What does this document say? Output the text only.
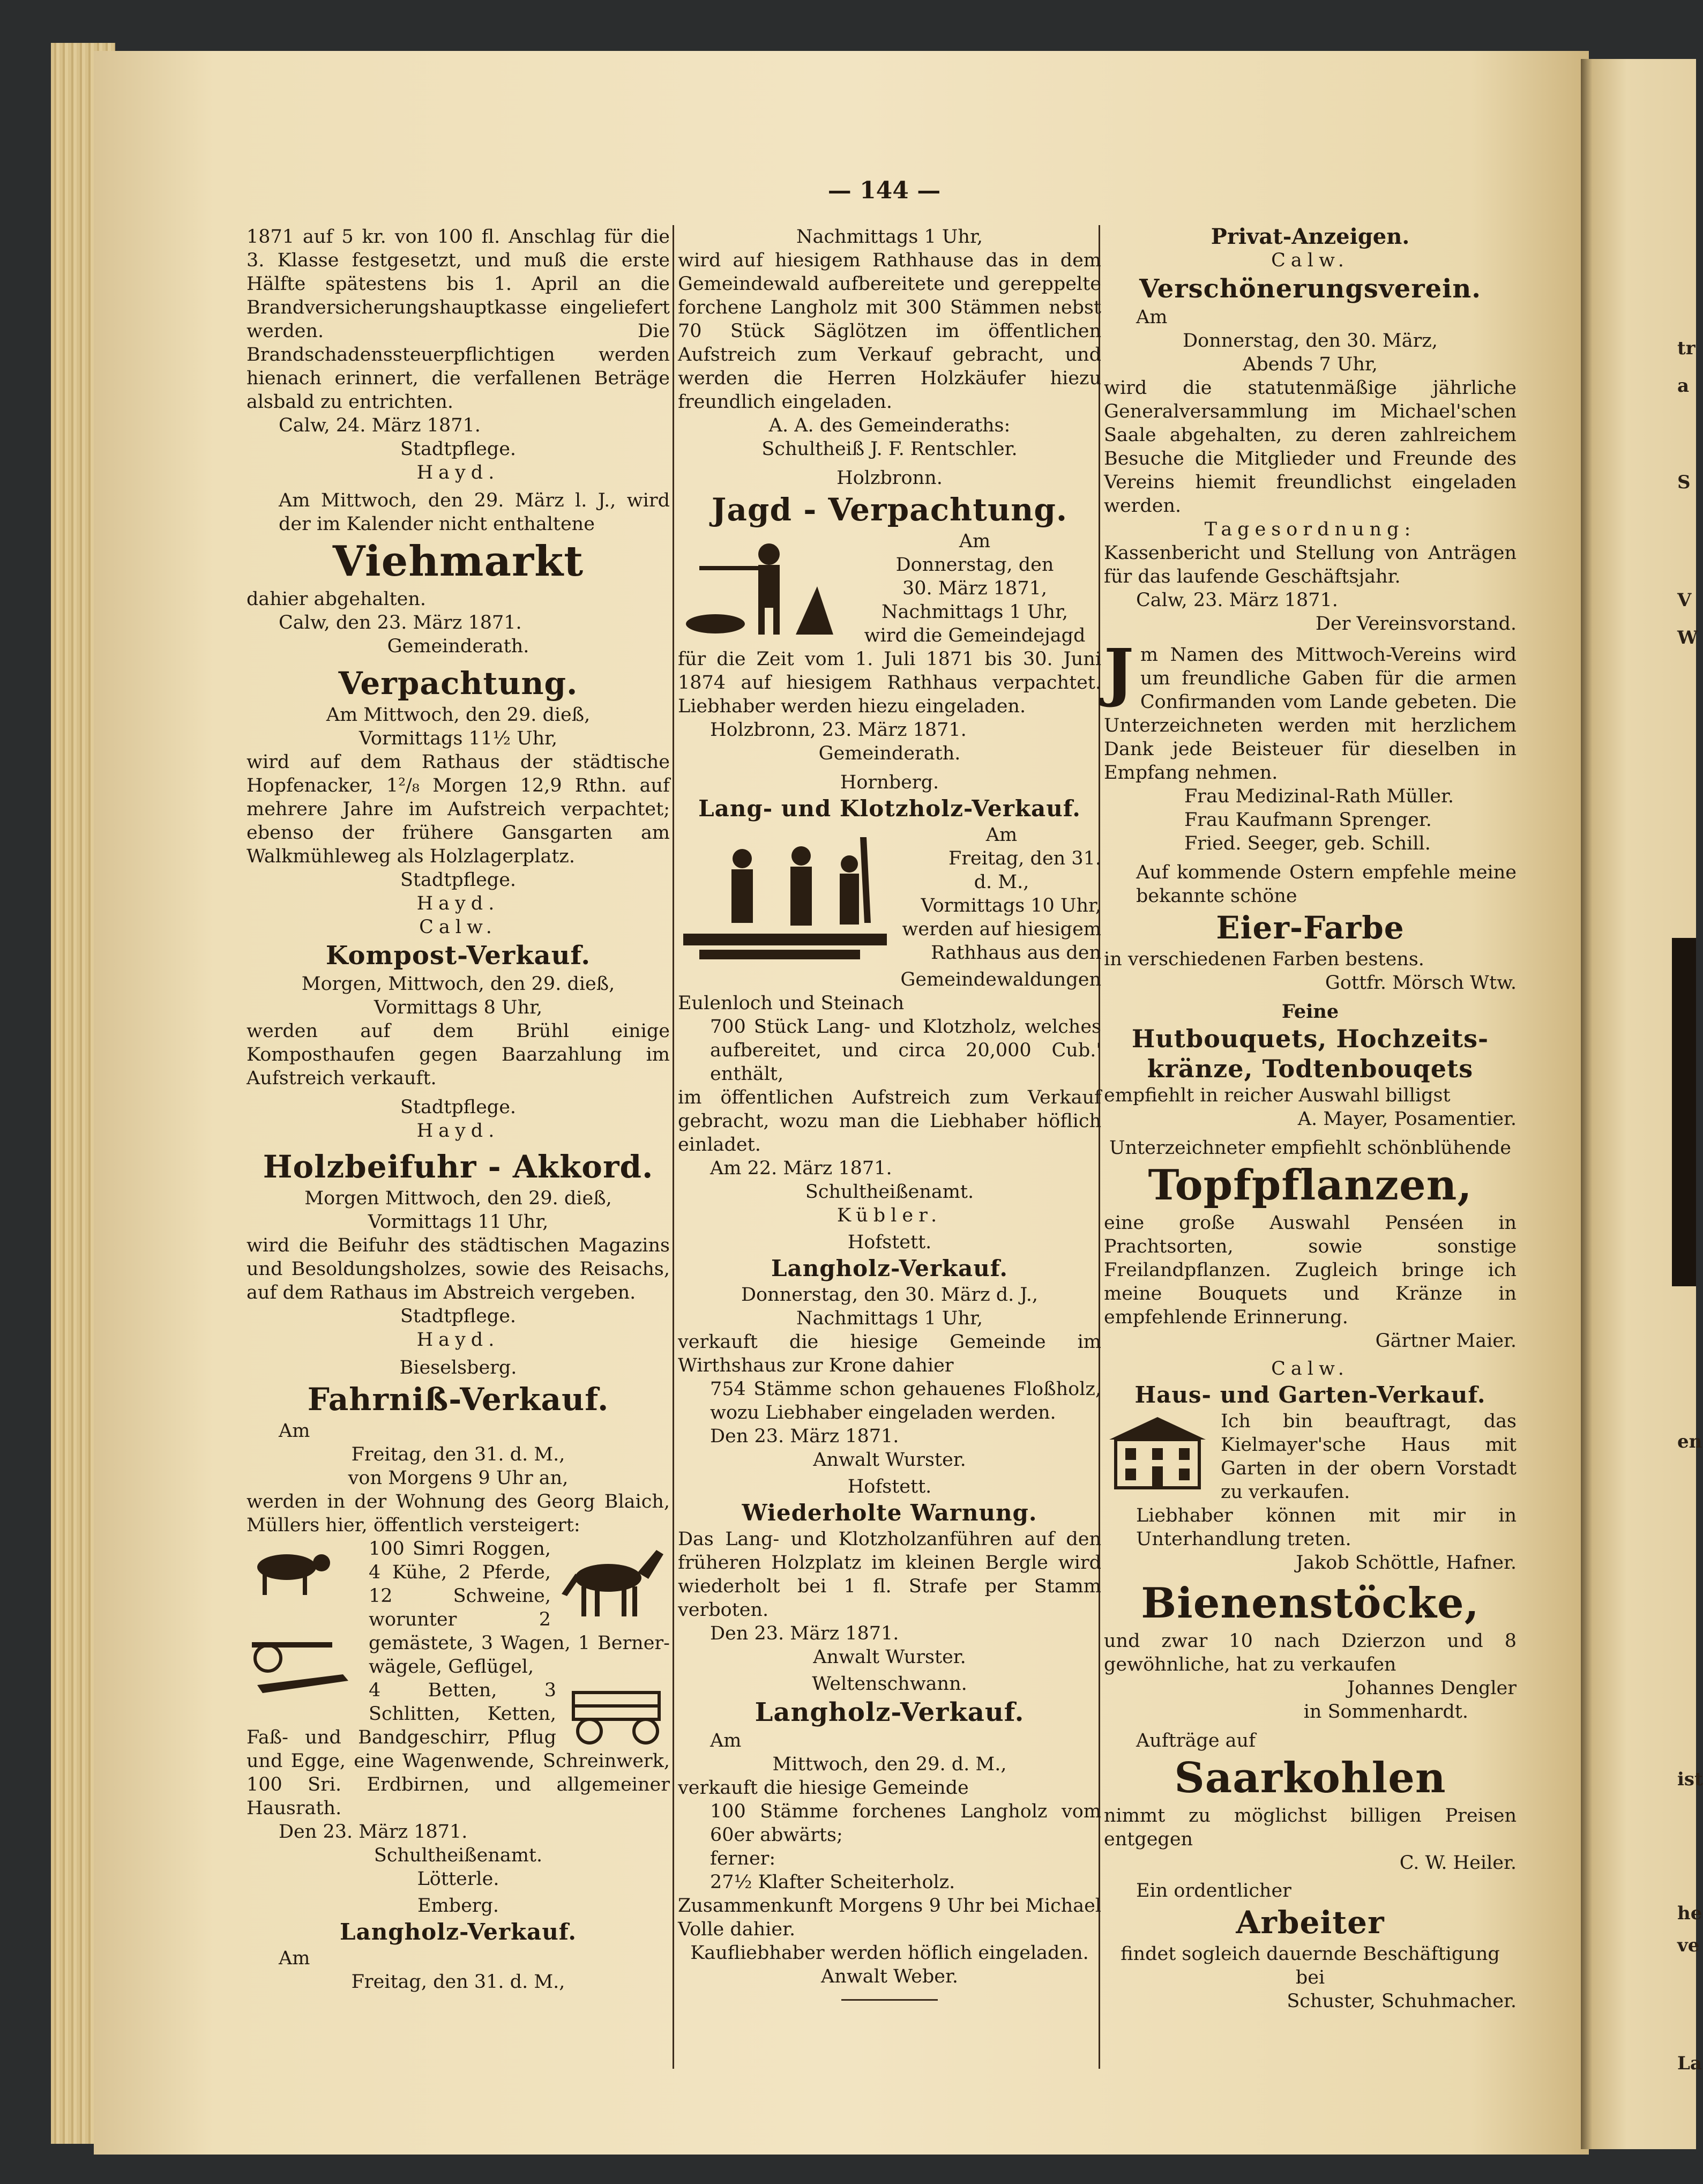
tr
a
S
V
W
en
ist
he
ve
La
— 144 —

1871 auf 5 kr. von 100 fl. Anschlag für die 3. Klasse festgesetzt, und muß die erste Hälfte spätestens bis 1. April an die Brandversicherungshauptkasse eingeliefert werden. Die Brandschadenssteuerpflichtigen werden hienach erinnert, die verfallenen Beträge alsbald zu entrichten.

Calw, 24. März 1871.

Stadtpflege.

Hayd.

Am Mittwoch, den 29. März l. J., wird der im Kalender nicht enthaltene

Viehmarkt

dahier abgehalten.

Calw, den 23. März 1871.

Gemeinderath.

Verpachtung.

Am Mittwoch, den 29. dieß,

Vormittags 11½ Uhr,

wird auf dem Rathaus der städtische Hopfenacker, 1²/₈ Morgen 12,9 Rthn. auf mehrere Jahre im Aufstreich verpachtet; ebenso der frühere Gansgarten am Walkmühleweg als Holzlagerplatz.

Stadtpflege.

Hayd.

Calw.

Kompost-Verkauf.

Morgen, Mittwoch, den 29. dieß,

Vormittags 8 Uhr,

werden auf dem Brühl einige Komposthaufen gegen Baarzahlung im Aufstreich verkauft.

Stadtpflege.

Hayd.

Holzbeifuhr - Akkord.

Morgen Mittwoch, den 29. dieß,

Vormittags 11 Uhr,

wird die Beifuhr des städtischen Magazins und Besoldungsholzes, sowie des Reisachs, auf dem Rathaus im Abstreich vergeben.

Stadtpflege.

Hayd.

Bieselsberg.

Fahrniß-Verkauf.

Am

Freitag, den 31. d. M.,

von Morgens 9 Uhr an,

werden in der Wohnung des Georg Blaich, Müllers hier, öffentlich versteigert:

100 Simri Roggen, 4 Kühe, 2 Pferde, 12 Schweine, worunter 2 gemästete, 3 Wagen, 1 Berner-wägele, Geflügel,

4 Betten, 3 Schlitten, Ketten, Faß- und Bandgeschirr, Pflug und Egge, eine Wagenwende, Schreinwerk, 100 Sri. Erdbirnen, und allgemeiner Hausrath.

Den 23. März 1871.

Schultheißenamt.

Lötterle.

Emberg.

Langholz-Verkauf.

Am

Freitag, den 31. d. M.,

Nachmittags 1 Uhr,

wird auf hiesigem Rathhause das in dem Gemeindewald aufbereitete und gereppelte forchene Langholz mit 300 Stämmen nebst 70 Stück Säglötzen im öffentlichen Aufstreich zum Verkauf gebracht, und werden die Herren Holzkäufer hiezu freundlich eingeladen.

A. A. des Gemeinderaths:

Schultheiß J. F. Rentschler.

Holzbronn.

Jagd - Verpachtung.

Am

Donnerstag, den

30. März 1871,

Nachmittags 1 Uhr,

wird die Gemeindejagd

für die Zeit vom 1. Juli 1871 bis 30. Juni 1874 auf hiesigem Rathhaus verpachtet. Liebhaber werden hiezu eingeladen.

Holzbronn, 23. März 1871.

Gemeinderath.

Hornberg.

Lang- und Klotzholz-Verkauf.

Am

Freitag, den 31.

d. M.,

Vormittags 10 Uhr,

werden auf hiesigem

Rathhaus aus den

Gemeindewaldungen

Eulenloch und Steinach

700 Stück Lang- und Klotzholz, welches aufbereitet, und circa 20,000 Cub.' enthält,

im öffentlichen Aufstreich zum Verkauf gebracht, wozu man die Liebhaber höflich einladet.

Am 22. März 1871.

Schultheißenamt.

Kübler.

Hofstett.

Langholz-Verkauf.

Donnerstag, den 30. März d. J.,

Nachmittags 1 Uhr,

verkauft die hiesige Gemeinde im Wirthshaus zur Krone dahier

754 Stämme schon gehauenes Floßholz, wozu Liebhaber eingeladen werden.

Den 23. März 1871.

Anwalt Wurster.

Hofstett.

Wiederholte Warnung.

Das Lang- und Klotzholzanführen auf den früheren Holzplatz im kleinen Bergle wird wiederholt bei 1 fl. Strafe per Stamm verboten.

Den 23. März 1871.

Anwalt Wurster.

Weltenschwann.

Langholz-Verkauf.

Am

Mittwoch, den 29. d. M.,

verkauft die hiesige Gemeinde

100 Stämme forchenes Langholz vom 60er abwärts;

ferner:

27½ Klafter Scheiterholz.

Zusammenkunft Morgens 9 Uhr bei Michael Volle dahier.

Kaufliebhaber werden höflich eingeladen.

Anwalt Weber.

Privat-Anzeigen.

Calw.

Verschönerungsverein.

Am

Donnerstag, den 30. März,

Abends 7 Uhr,

wird die statutenmäßige jährliche Generalversammlung im Michael'schen Saale abgehalten, zu deren zahlreichem Besuche die Mitglieder und Freunde des Vereins hiemit freundlichst eingeladen werden.

Tagesordnung:

Kassenbericht und Stellung von Anträgen für das laufende Geschäftsjahr.

Calw, 23. März 1871.

Der Vereinsvorstand.

J m Namen des Mittwoch-Vereins wird um freundliche Gaben für die armen Confirmanden vom Lande gebeten. Die Unterzeichneten werden mit herzlichem Dank jede Beisteuer für dieselben in Empfang nehmen.

Frau Medizinal-Rath Müller.

Frau Kaufmann Sprenger.

Fried. Seeger, geb. Schill.

Auf kommende Ostern empfehle meine bekannte schöne

Eier-Farbe

in verschiedenen Farben bestens.

Gottfr. Mörsch Wtw.

Feine

Hutbouquets, Hochzeits-

kränze, Todtenbouqets

empfiehlt in reicher Auswahl billigst

A. Mayer, Posamentier.

Unterzeichneter empfiehlt schönblühende

Topfpflanzen,

eine große Auswahl Penséen in Prachtsorten, sowie sonstige Freilandpflanzen. Zugleich bringe ich meine Bouquets und Kränze in empfehlende Erinnerung.

Gärtner Maier.

Calw.

Haus- und Garten-Verkauf.

Ich bin beauftragt, das Kielmayer'sche Haus mit Garten in der obern Vorstadt zu verkaufen.

Liebhaber können mit mir in Unterhandlung treten.

Jakob Schöttle, Hafner.

Bienenstöcke,

und zwar 10 nach Dzierzon und 8 gewöhnliche, hat zu verkaufen

Johannes Dengler

in Sommenhardt.

Aufträge auf

Saarkohlen

nimmt zu möglichst billigen Preisen entgegen

C. W. Heiler.

Ein ordentlicher

Arbeiter

findet sogleich dauernde Beschäftigung bei

Schuster, Schuhmacher.
